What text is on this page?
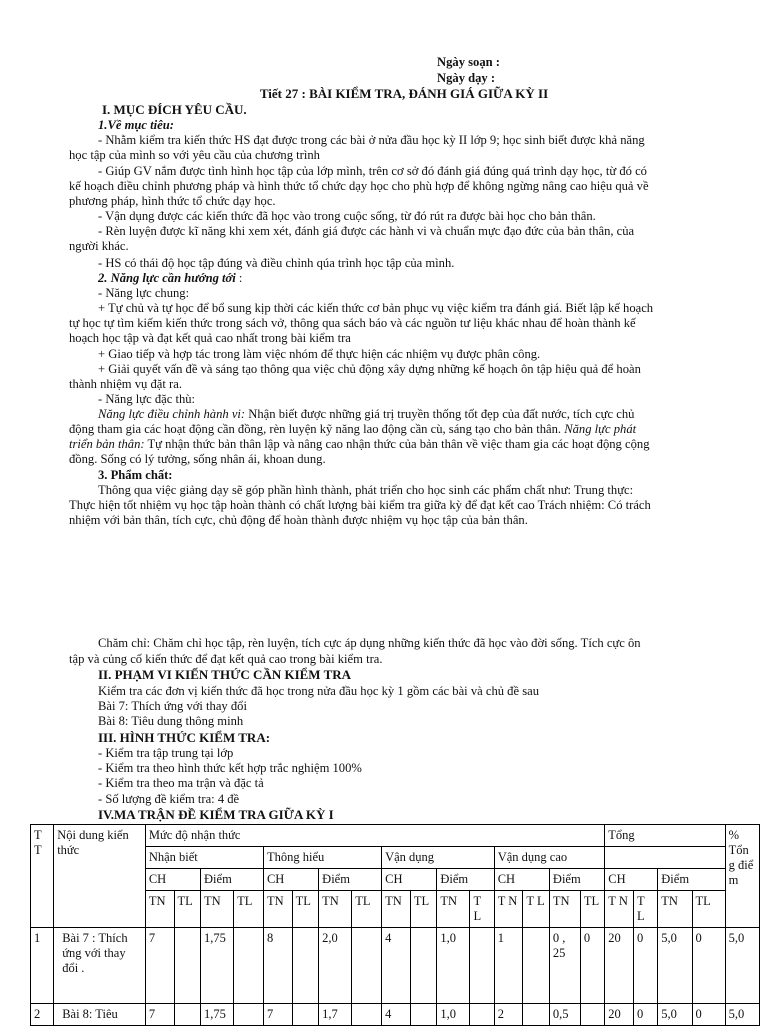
Ngày soạn :
Ngày dạy :
Tiết 27 : BÀI KIỂM TRA, ĐÁNH GIÁ GIỮA KỲ II
I. MỤC ĐÍCH YÊU CẦU.
1.Về mục tiêu:
- Nhằm kiểm tra kiến thức HS đạt được trong các bài ở nửa đầu học kỳ II lớp 9; học sinh biết được khả năng
học tập của mình so với yêu cầu của chương trình
- Giúp GV nắm được tình hình học tập của lớp mình, trên cơ sở đó đánh giá đúng quá trình dạy học, từ đó có
kế hoạch điều chỉnh phương pháp và hình thức tổ chức dạy học cho phù hợp để không ngừng nâng cao hiệu quả về
phương pháp, hình thức tổ chức dạy học.
- Vận dụng được các kiến thức đã học vào trong cuộc sống, từ đó rút ra được bài học cho bản thân.
- Rèn luyện được kĩ năng khi xem xét, đánh giá được các hành vi và chuẩn mực đạo đức của bản thân, của
người khác.
- HS có thái độ học tập đúng và điều chỉnh qúa trình học tập của mình.
2. Năng lực cần hướng tới :
- Năng lực chung:
+ Tự chủ và tự học để bổ sung kịp thời các kiến thức cơ bản phục vụ việc kiểm tra đánh giá. Biết lập kế hoạch
tự học tự tìm kiếm kiến thức trong sách vở, thông qua sách báo và các nguồn tư liệu khác nhau để hoàn thành kế
hoạch học tập và đạt kết quả cao nhất trong bài kiểm tra
+ Giao tiếp và hợp tác trong làm việc nhóm để thực hiện các nhiệm vụ được phân công.
+ Giải quyết vấn đề và sáng tạo thông qua việc chủ động xây dựng những kế hoạch ôn tập hiệu quả để hoàn
thành nhiệm vụ đặt ra.
- Năng lực đặc thù:
Năng lực điều chỉnh hành vi: Nhận biết được những giá trị truyền thống tốt đẹp của đất nước, tích cực chủ
động tham gia các hoạt động cần đồng, rèn luyện kỹ năng lao động cần cù, sáng tạo cho bản thân. Năng lực phát
triển bản thân: Tự nhận thức bản thân lập và nâng cao nhận thức của bản thân về việc tham gia các hoạt động cộng
đồng. Sống có lý tưởng, sống nhân ái, khoan dung.
3. Phẩm chất:
Thông qua việc giảng dạy sẽ góp phần hình thành, phát triển cho học sinh các phẩm chất như: Trung thực:
Thực hiện tốt nhiệm vụ học tập hoàn thành có chất lượng bài kiểm tra giữa kỳ để đạt kết cao Trách nhiệm: Có trách
nhiệm với bản thân, tích cực, chủ động để hoàn thành được nhiệm vụ học tập của bản thân.
Chăm chỉ: Chăm chỉ học tập, rèn luyện, tích cực áp dụng những kiến thức đã học vào đời sống. Tích cực ôn
tập và củng cố kiến thức để đạt kết quả cao trong bài kiểm tra.
II. PHẠM VI KIẾN THỨC CẦN KIỂM TRA
Kiểm tra các đơn vị kiến thức đã học trong nửa đầu học kỳ 1 gồm các bài và chủ đề sau
Bài 7: Thích ứng với thay đổi
Bài 8: Tiêu dung thông minh
III. HÌNH THỨC KIỂM TRA:
- Kiểm tra tập trung tại lớp
- Kiểm tra theo hình thức kết hợp trắc nghiệm 100%
- Kiểm tra theo ma trận và đặc tả
- Số lượng đề kiểm tra: 4 đề
IV.MA TRẬN ĐỀ KIỂM TRA GIỮA KỲ I
T T	Nội dung kiến thức	Mức độ nhận thức																Tổng				% Tổn g điể m
		Nhận biết				Thông hiểu				Vận dụng				Vận dụng cao								
		CH		Điểm		CH		Điểm		CH		Điểm		CH		Điểm		CH		Điểm		
		TN	TL	TN	TL	TN	TL	TN	TL	TN	TL	TN	T L	T N	T L	TN	TL	T N	T L	TN	TL	
1	Bài 7 : Thích ứng với thay đổi .	7		1,75		8		2,0		4		1,0		1		0 , 25	0	20	0	5,0	0	5,0
2	Bài 8: Tiêu	7		1,75		7		1,7		4		1,0		2		0,5		20	0	5,0	0	5,0
